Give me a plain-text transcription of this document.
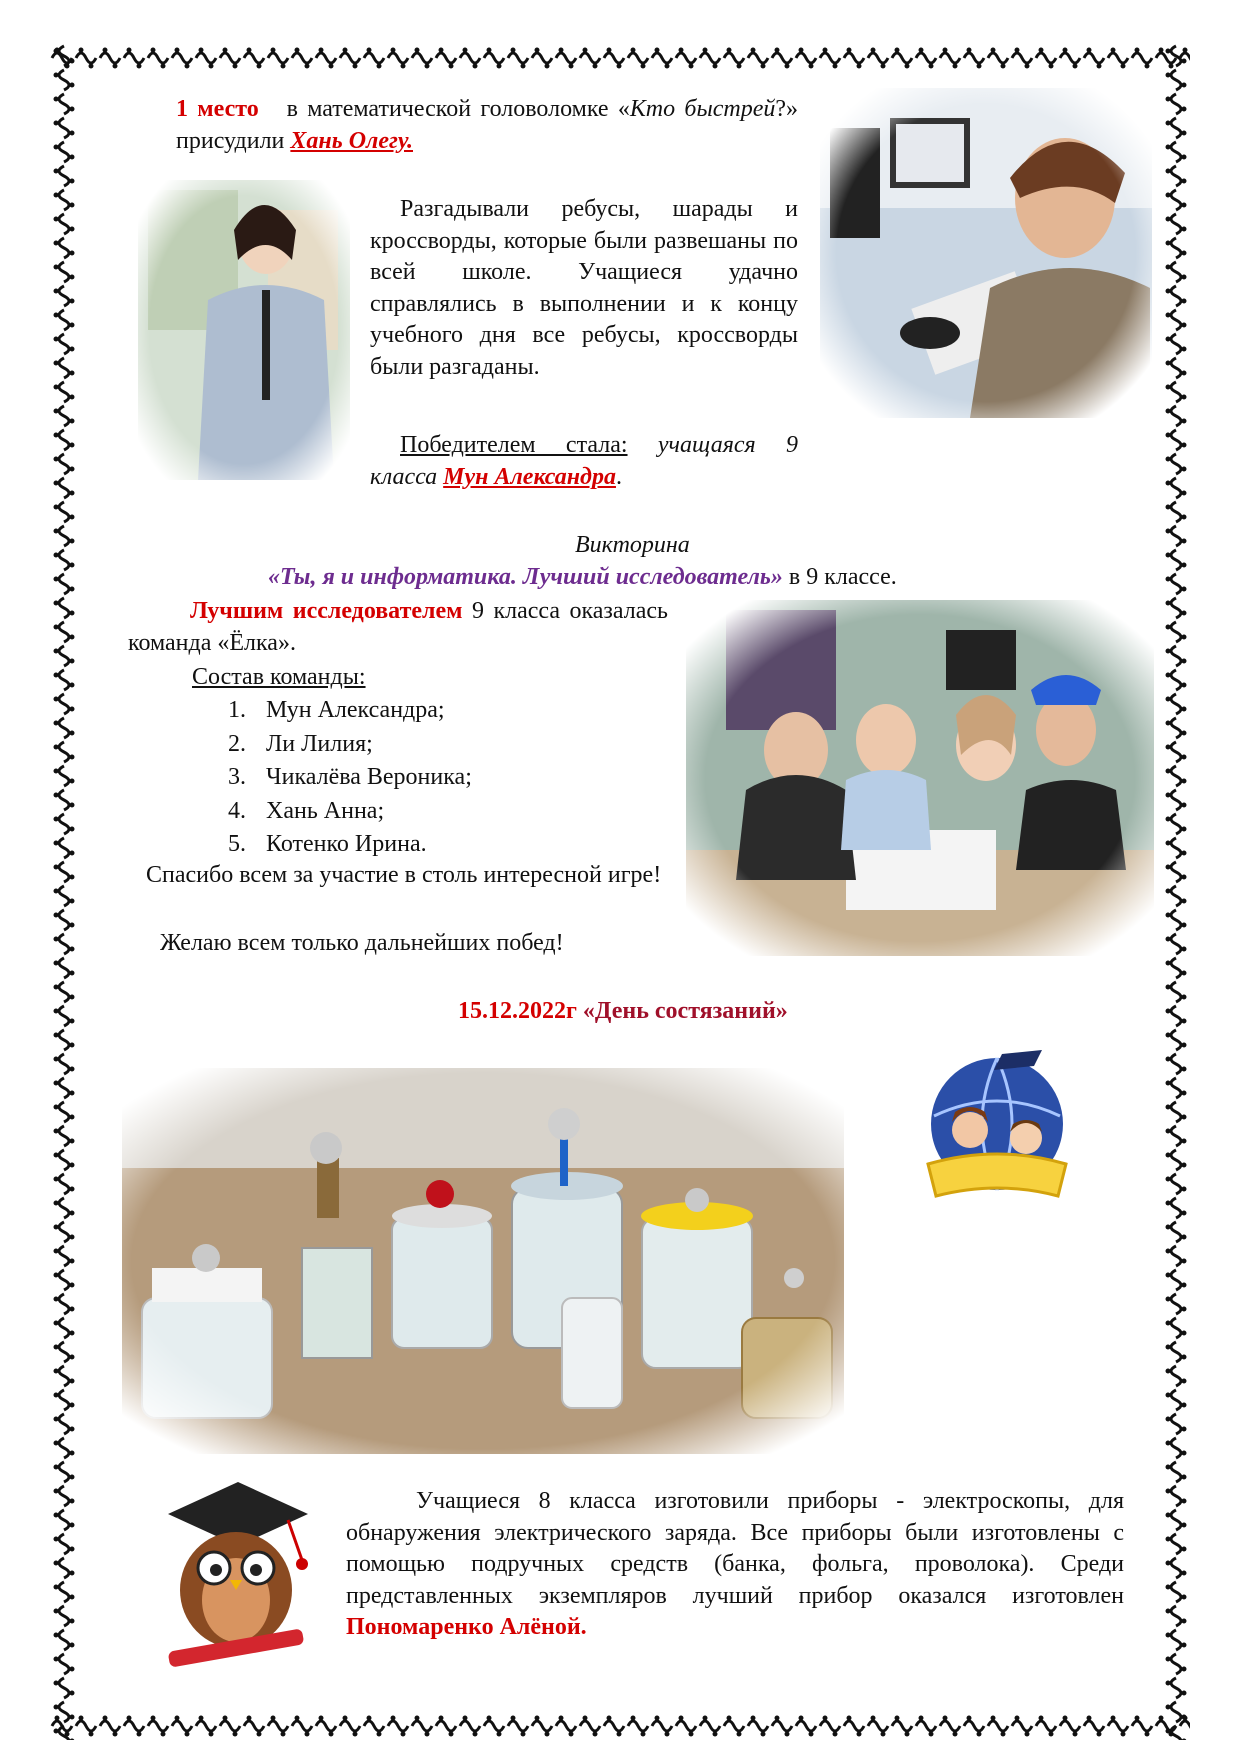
1 место в математической головоломке «Кто быстрей?» присудили Хань Олегу.
Разгадывали ребусы, шарады и кроссворды, которые были развешаны по всей школе. Учащиеся удачно справлялись в выполнении и к концу учебного дня все ребусы, кроссворды были разгаданы.
Победителем стала: учащаяся 9 класса Мун Александра.
Викторина
«Ты, я и информатика. Лучший исследователь» в 9 классе.
Лучшим исследователем 9 класса оказалась команда «Ёлка».
Состав команды:
1. Мун Александра;
2. Ли Лилия;
3. Чикалёва Вероника;
4. Хань Анна;
5. Котенко Ирина.
Спасибо всем за участие в столь интересной игре!
Желаю всем только дальнейших побед!
15.12.2022г «День состязаний»
Учащиеся 8 класса изготовили приборы - электроскопы, для обнаружения электрического заряда. Все приборы были изготовлены с помощью подручных средств (банка, фольга, проволока). Среди представленных экземпляров лучший прибор оказался изготовлен Пономаренко Алёной.
